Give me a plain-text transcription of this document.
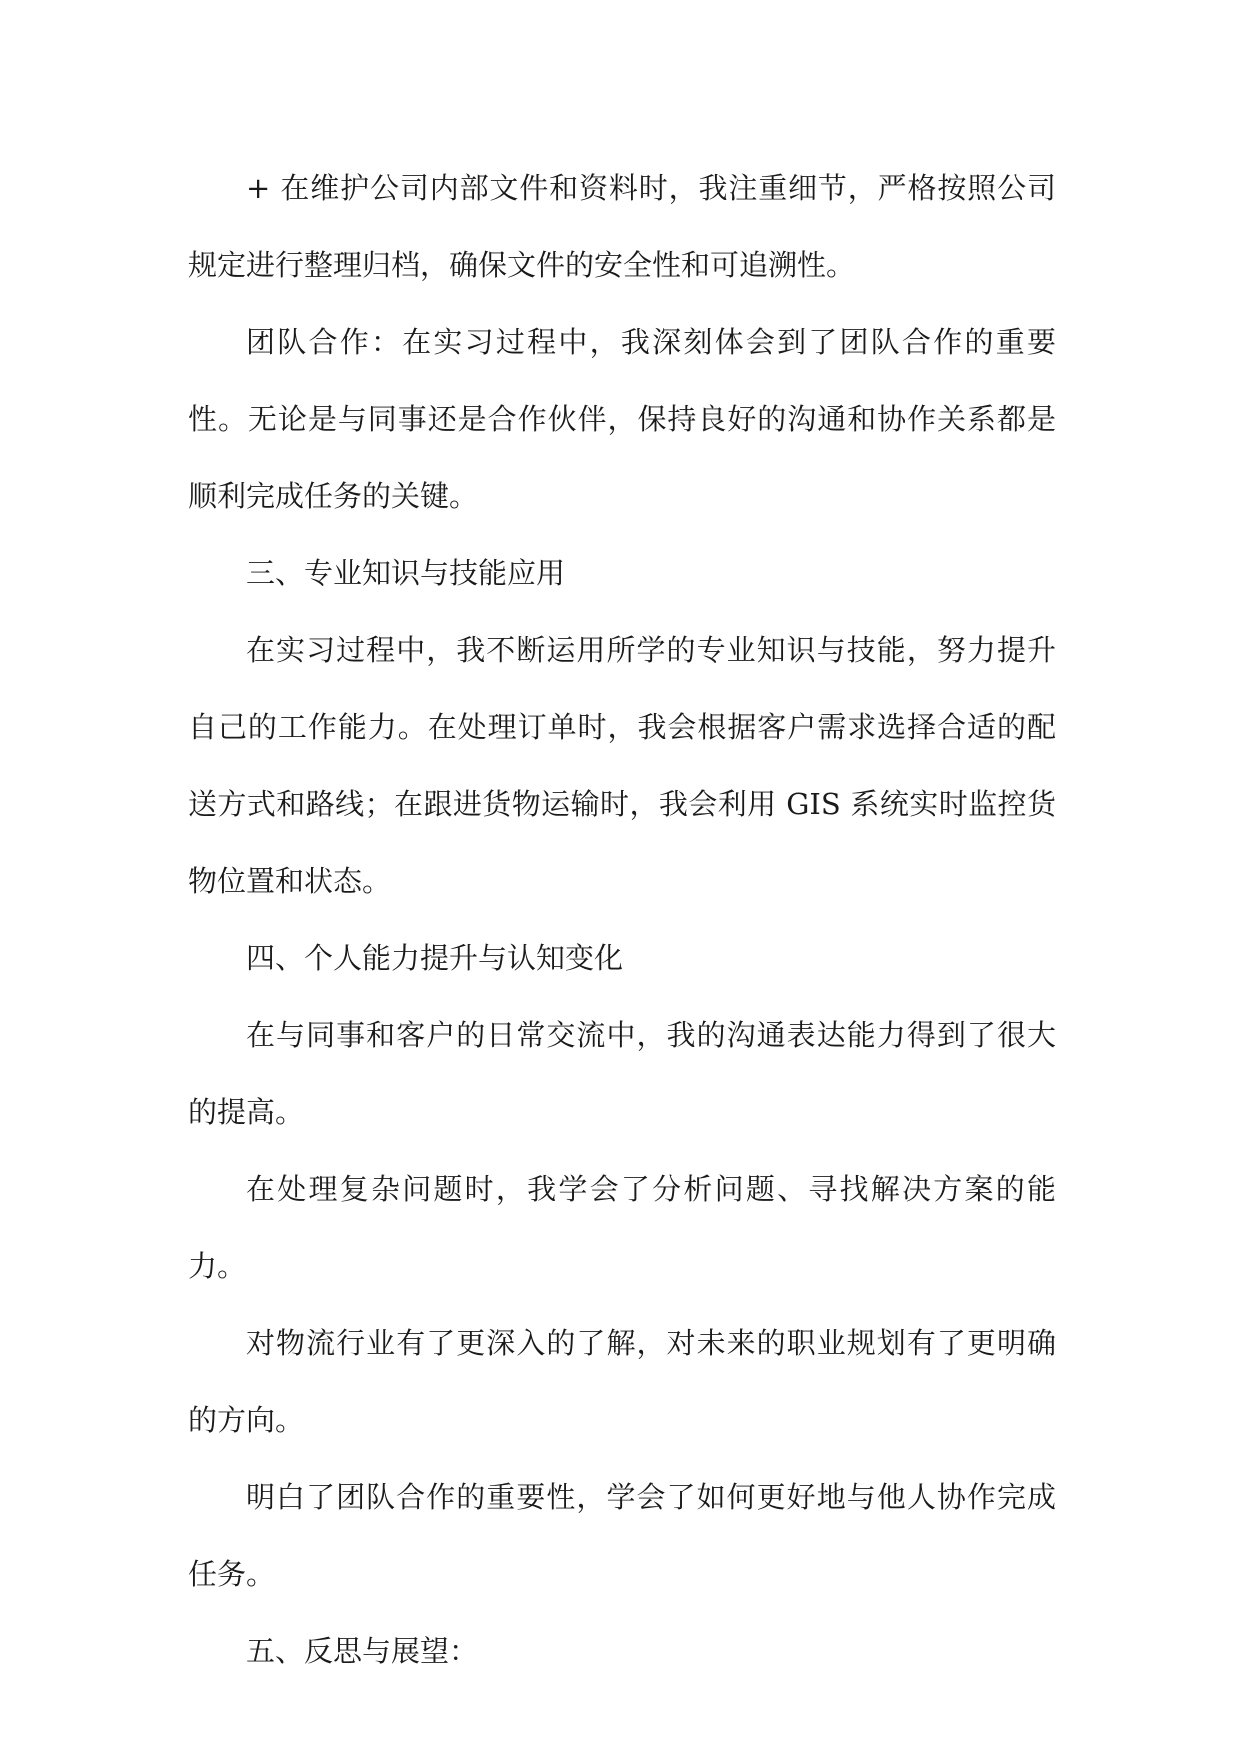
+ 在维护公司内部文件和资料时，我注重细节，严格按照公司规定进行整理归档，确保文件的安全性和可追溯性。

团队合作：在实习过程中，我深刻体会到了团队合作的重要性。无论是与同事还是合作伙伴，保持良好的沟通和协作关系都是顺利完成任务的关键。

三、专业知识与技能应用

在实习过程中，我不断运用所学的专业知识与技能，努力提升自己的工作能力。在处理订单时，我会根据客户需求选择合适的配送方式和路线；在跟进货物运输时，我会利用 GIS 系统实时监控货物位置和状态。

四、个人能力提升与认知变化

在与同事和客户的日常交流中，我的沟通表达能力得到了很大的提高。

在处理复杂问题时，我学会了分析问题、寻找解决方案的能力。

对物流行业有了更深入的了解，对未来的职业规划有了更明确的方向。

明白了团队合作的重要性，学会了如何更好地与他人协作完成任务。

五、反思与展望：
